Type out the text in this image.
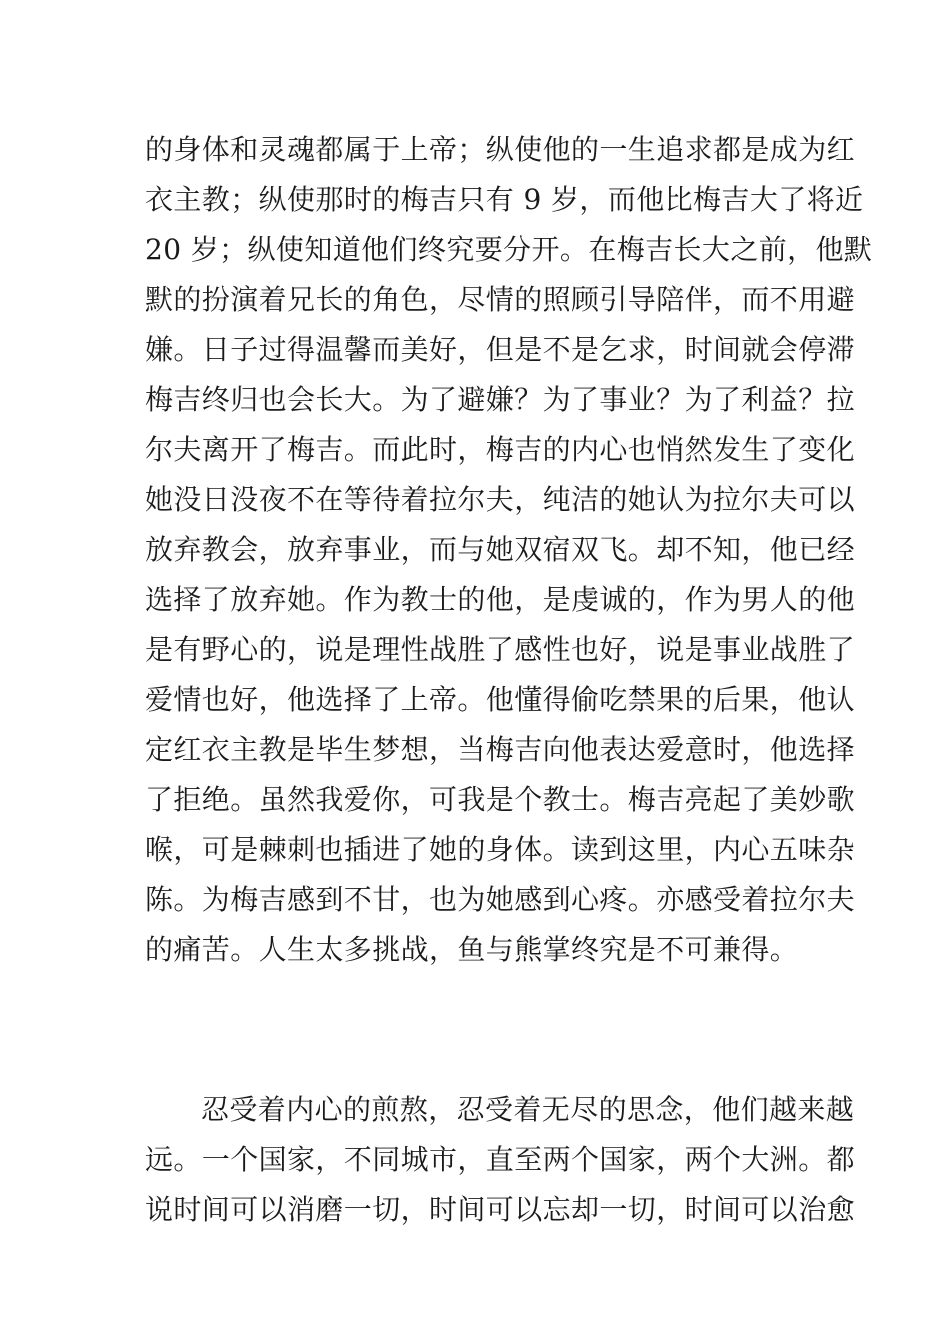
的身体和灵魂都属于上帝；纵使他的一生追求都是成为红
衣主教；纵使那时的梅吉只有 9 岁，而他比梅吉大了将近
20 岁；纵使知道他们终究要分开。在梅吉长大之前，他默
默的扮演着兄长的角色，尽情的照顾引导陪伴，而不用避
嫌。日子过得温馨而美好，但是不是乞求，时间就会停滞
梅吉终归也会长大。为了避嫌？为了事业？为了利益？拉
尔夫离开了梅吉。而此时，梅吉的内心也悄然发生了变化
她没日没夜不在等待着拉尔夫，纯洁的她认为拉尔夫可以
放弃教会，放弃事业，而与她双宿双飞。却不知，他已经
选择了放弃她。作为教士的他，是虔诚的，作为男人的他
是有野心的，说是理性战胜了感性也好，说是事业战胜了
爱情也好，他选择了上帝。他懂得偷吃禁果的后果，他认
定红衣主教是毕生梦想，当梅吉向他表达爱意时，他选择
了拒绝。虽然我爱你，可我是个教士。梅吉亮起了美妙歌
喉，可是棘刺也插进了她的身体。读到这里，内心五味杂
陈。为梅吉感到不甘，也为她感到心疼。亦感受着拉尔夫
的痛苦。人生太多挑战，鱼与熊掌终究是不可兼得。
忍受着内心的煎熬，忍受着无尽的思念，他们越来越
远。一个国家，不同城市，直至两个国家，两个大洲。都
说时间可以消磨一切，时间可以忘却一切，时间可以治愈
